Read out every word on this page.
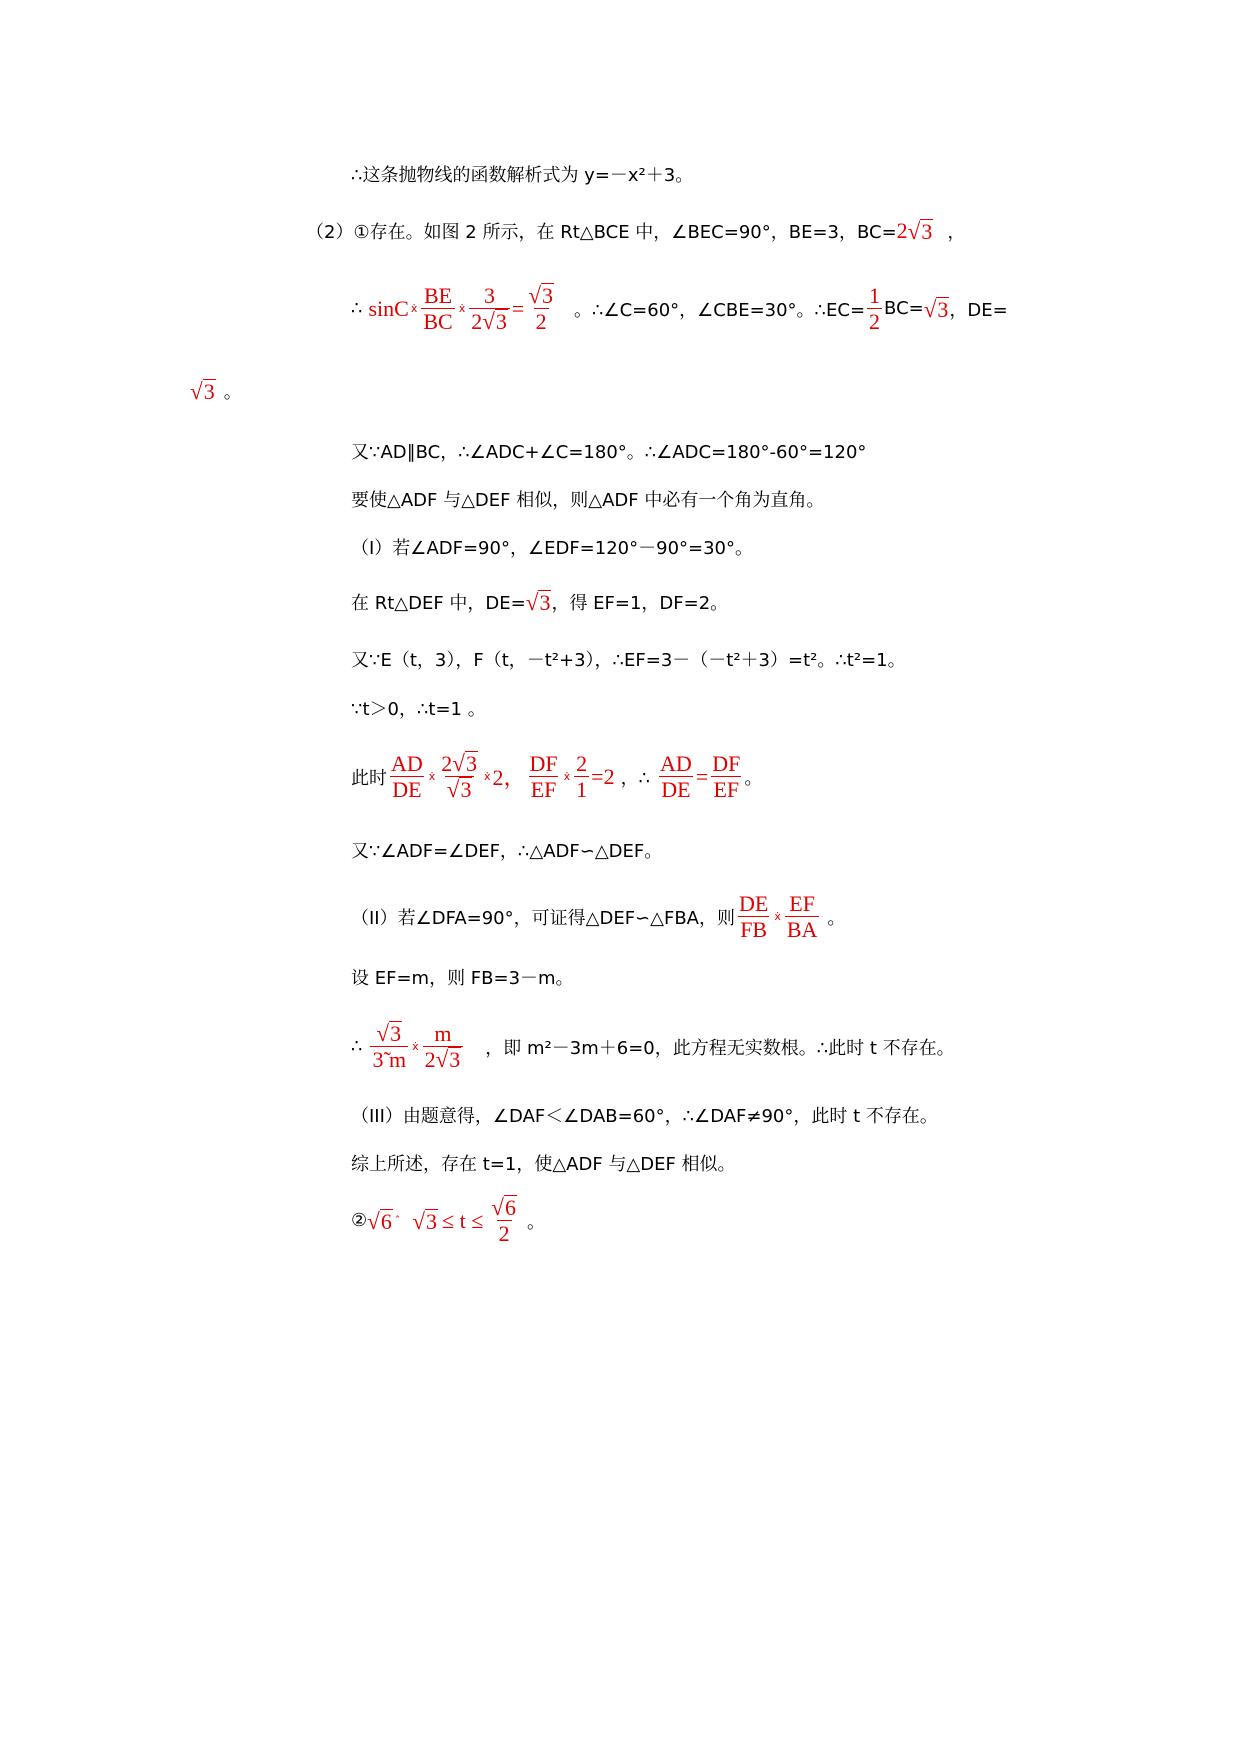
∴这条抛物线的函数解析式为 y=－x²＋3。
（2）①存在。如图 2 所示，在 Rt△BCE 中，∠BEC=90°，BE=3，BC= 2 √ 3 ，
∴ sinC ẋ $\frac{BE}{BC}$ ẋ $\frac{3}{2 √ 3} = \frac{√ 3}{2}$ 。∴∠C=60°，∠CBE=30°。∴EC= $\frac{1}{2} BC=$ √ 3 ，DE=
√ 3 。
又∵AD∥BC，∴∠ADC+∠C=180°。∴∠ADC=180°-60°=120°
要使△ADF 与△DEF 相似，则△ADF 中必有一个角为直角。
（I）若∠ADF=90°，∠EDF=120°－90°=30°。
在 Rt△DEF 中，DE= √ 3 ，得 EF=1，DF=2。
又∵E（t，3），F（t，－t²+3），∴EF=3－（－t²＋3）=t²。∴t²=1。
∵t＞0，∴t=1 。
此时 $\frac{AD}{DE}$ ẋ $\frac{2 √ 3}{√ 3}$ ẋ 2， $\frac{DF}{EF}$ ẋ $\frac{2}{1} =2$ ，∴ $\frac{AD}{DE} = \frac{DF}{EF}$ 。
又∵∠ADF=∠DEF，∴△ADF∽△DEF。
（II）若∠DFA=90°，可证得△DEF∽△FBA，则 $\frac{DE}{FB}$ ẋ $\frac{EF}{BA}$ 。
设 EF=m，则 FB=3－m。
∴ $\frac{√ 3}{3̃ m}$ ẋ $\frac{m}{2 √ 3}$ ，即 m²－3m＋6=0，此方程无实数根。∴此时 t 不存在。
（III）由题意得，∠DAF＜∠DAB=60°，∴∠DAF≠90°，此时 t 不存在。
综上所述，存在 t=1，使△ADF 与△DEF 相似。
② √ 6 ˆ √ $3 \le t \le \frac{√ 6}{2}$ 。
